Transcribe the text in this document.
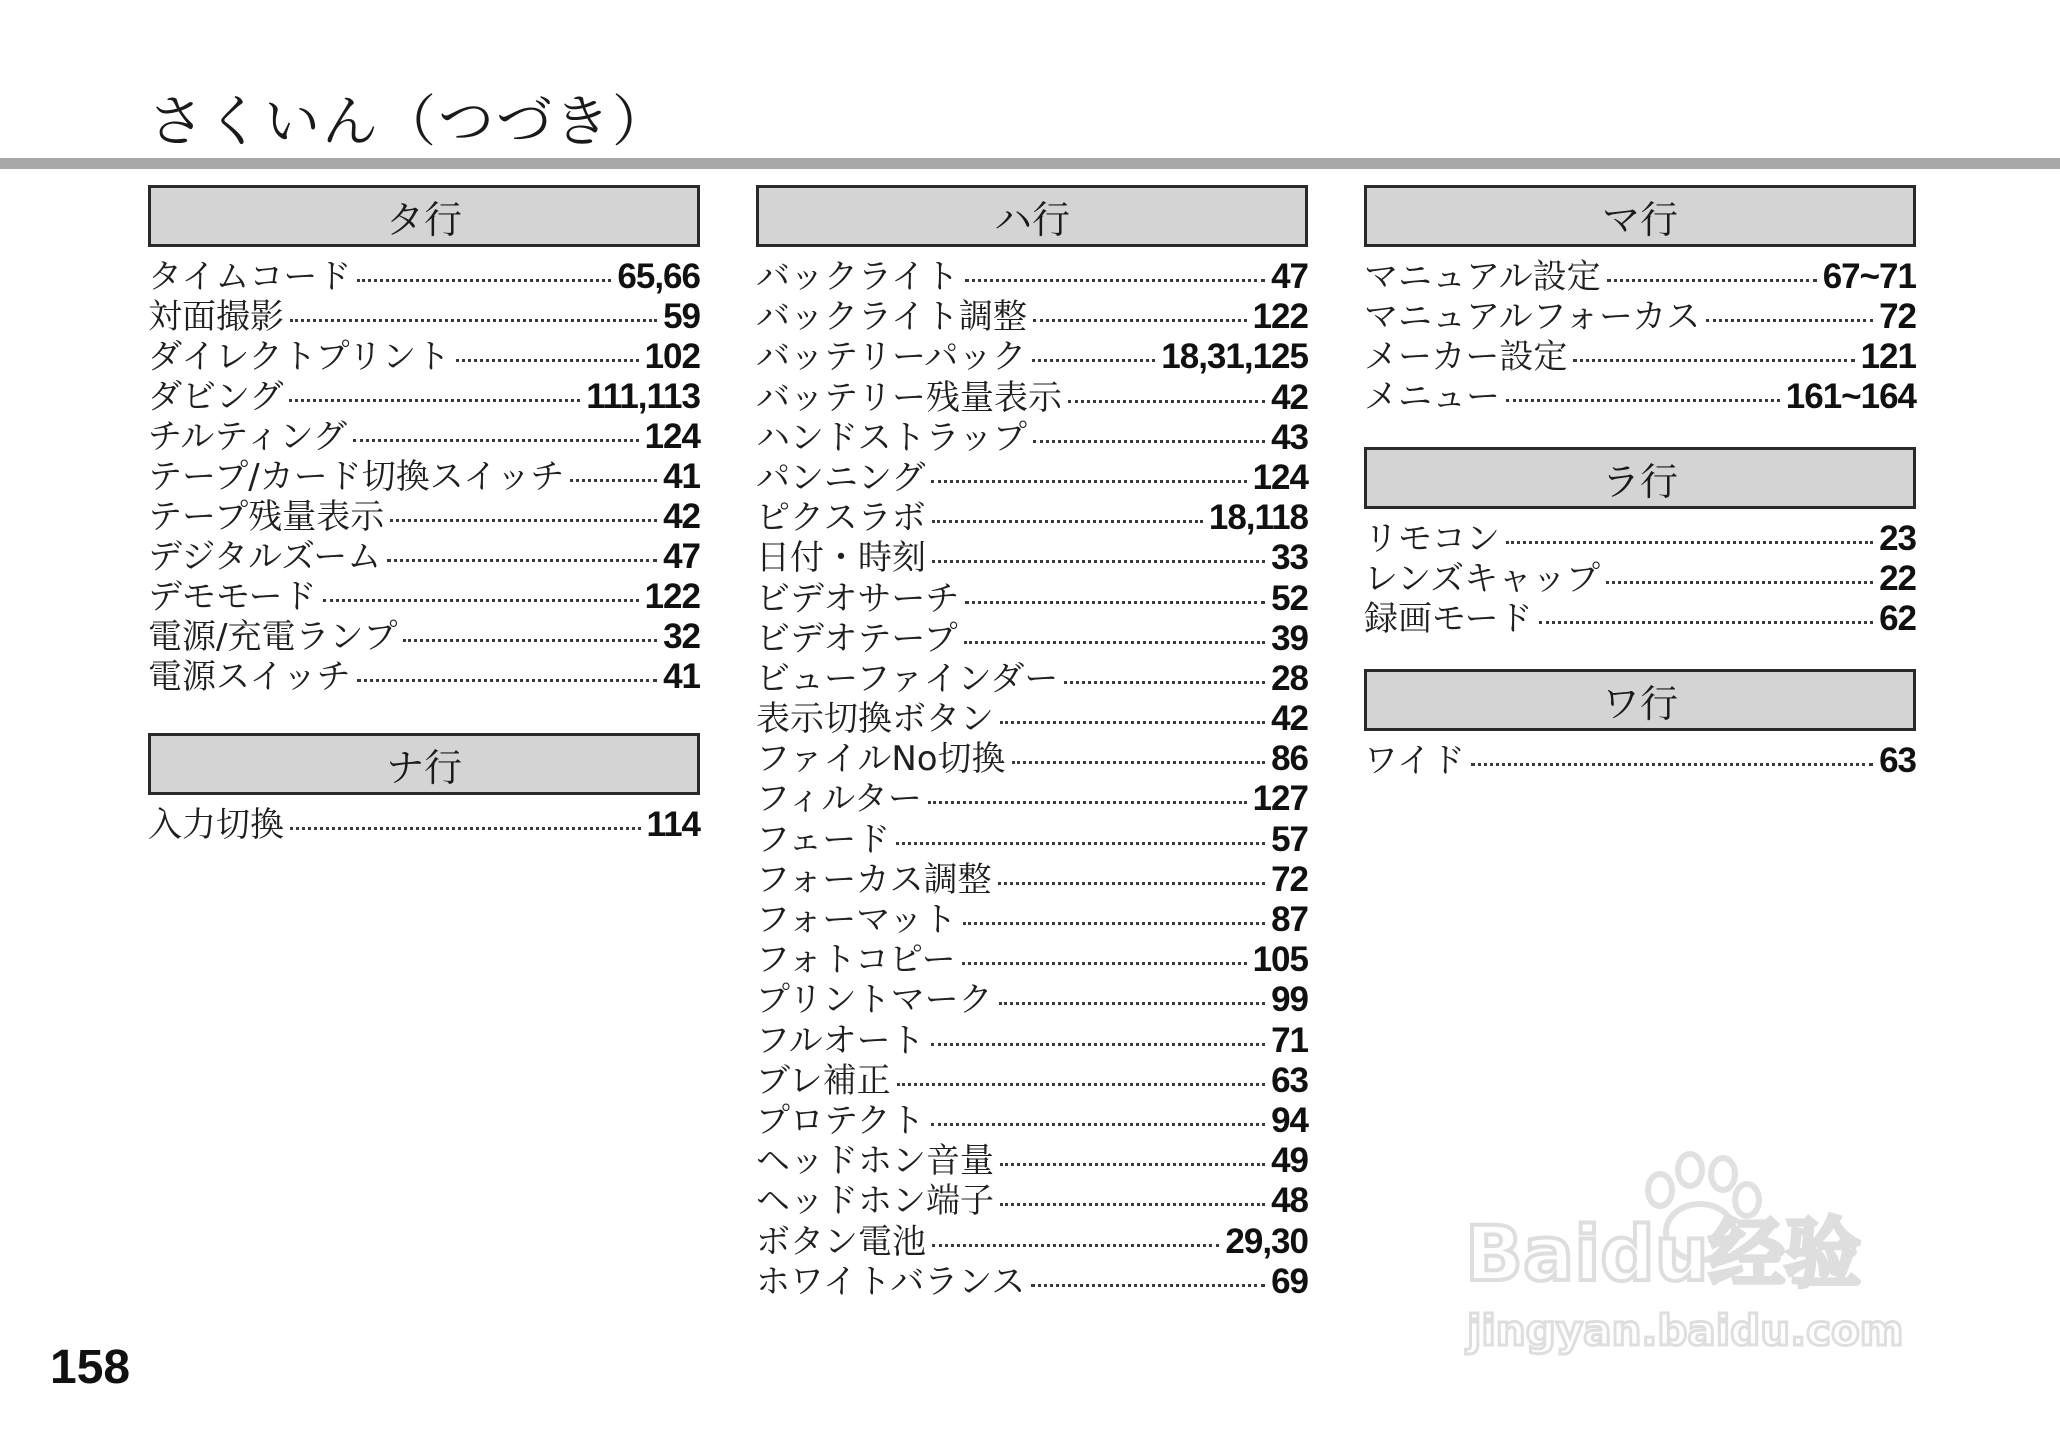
さくいん（つづき）
タ行
タイムコード	65,66
対面撮影	59
ダイレクトプリント	102
ダビング	111,113
チルティング	124
テープ/カード切換スイッチ	41
テープ残量表示	42
デジタルズーム	47
デモモード	122
電源/充電ランプ	32
電源スイッチ	41
ナ行
入力切換	114
ハ行
バックライト	47
バックライト調整	122
バッテリーパック	18,31,125
バッテリー残量表示	42
ハンドストラップ	43
パンニング	124
ピクスラボ	18,118
日付・時刻	33
ビデオサーチ	52
ビデオテープ	39
ビューファインダー	28
表示切換ボタン	42
ファイルNo切換	86
フィルター	127
フェード	57
フォーカス調整	72
フォーマット	87
フォトコピー	105
プリントマーク	99
フルオート	71
ブレ補正	63
プロテクト	94
ヘッドホン音量	49
ヘッドホン端子	48
ボタン電池	29,30
ホワイトバランス	69
マ行
マニュアル設定	67~71
マニュアルフォーカス	72
メーカー設定	121
メニュー	161~164
ラ行
リモコン	23
レンズキャップ	22
録画モード	62
ワ行
ワイド	63
158
Baidu经验
jingyan.baidu.com
